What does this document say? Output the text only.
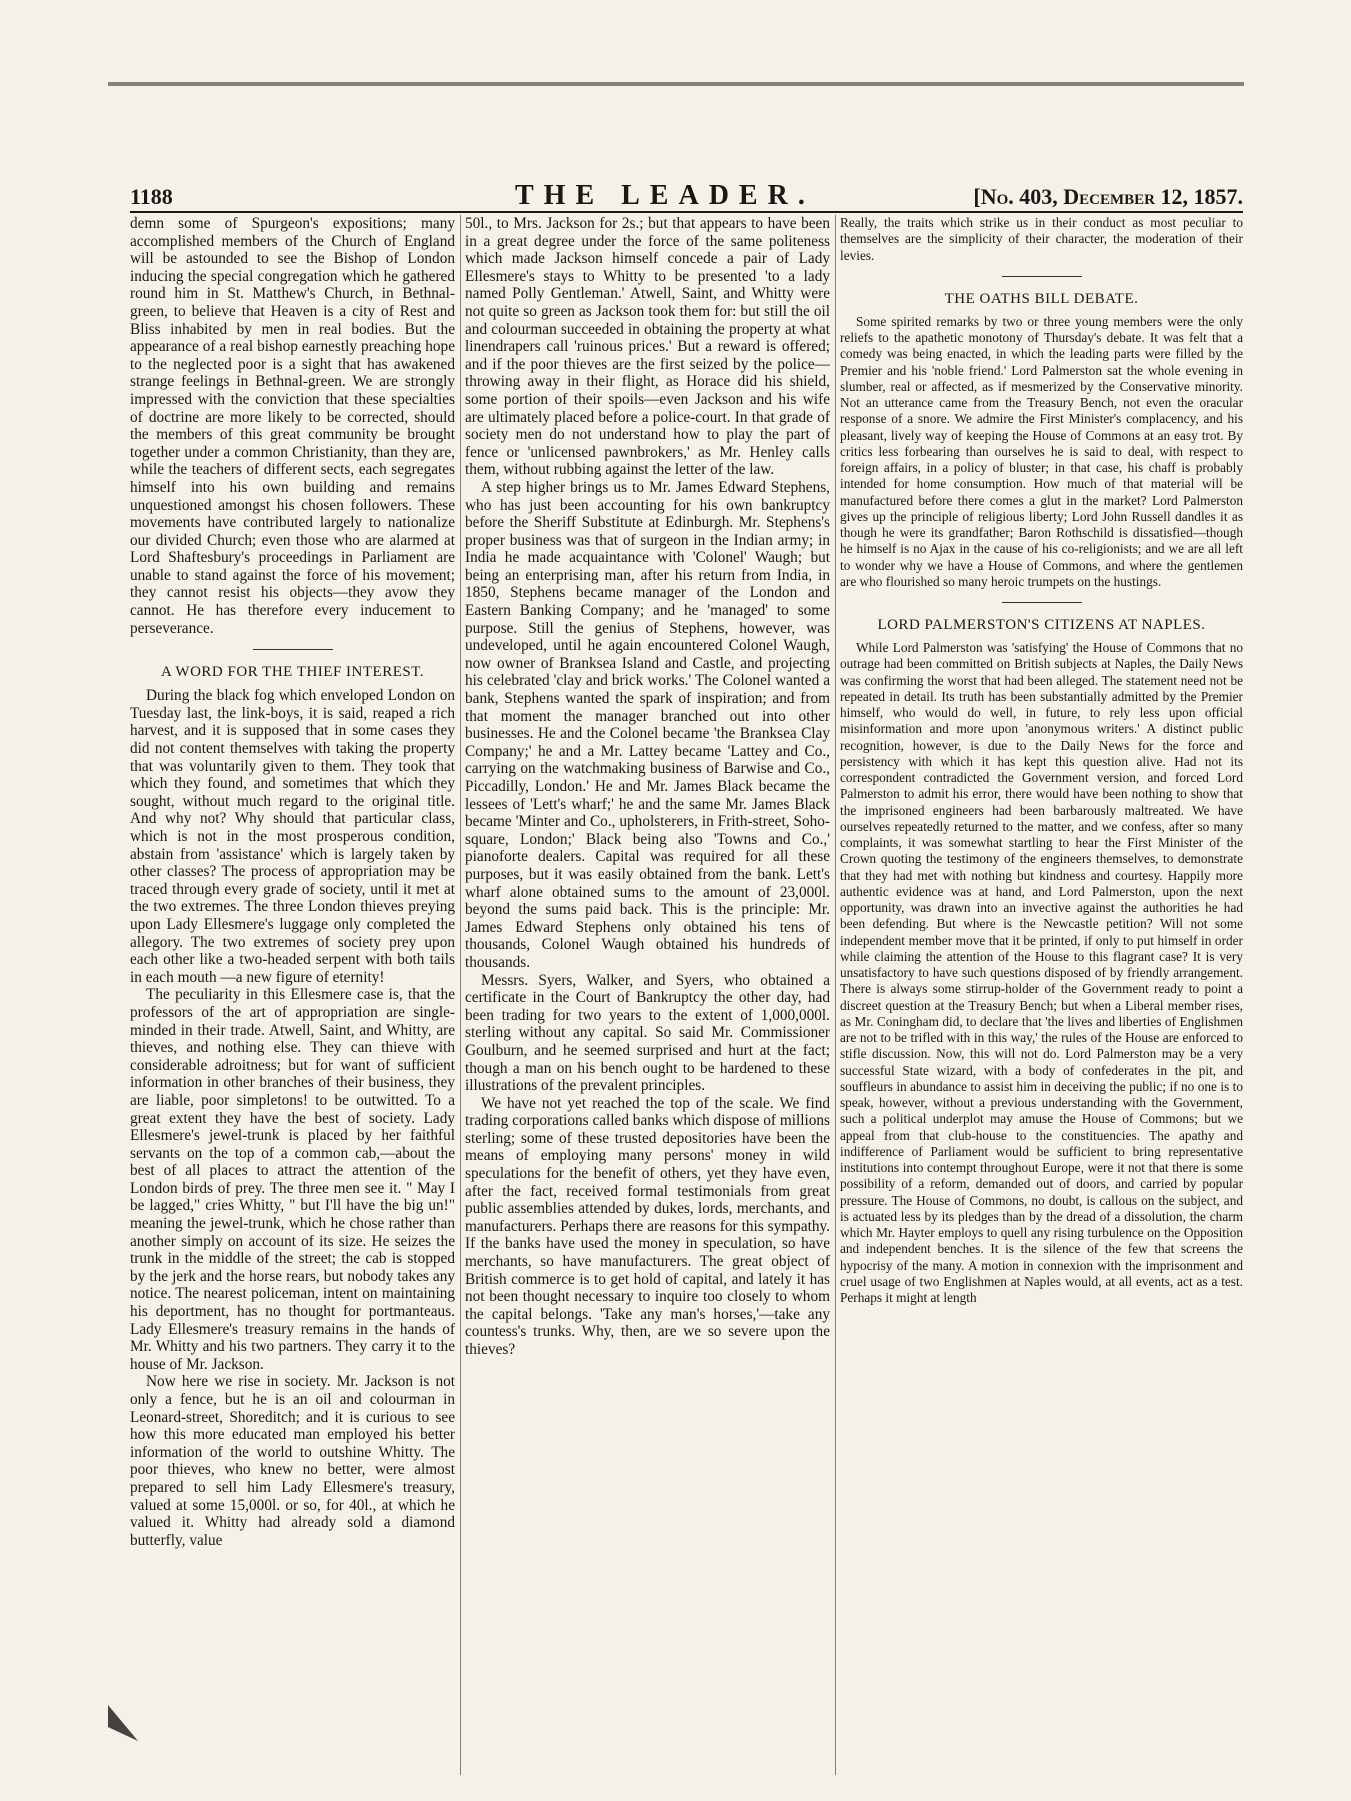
1188	THE LEADER.	[No. 403, December 12, 1857.

demn some of Spurgeon's expositions; many accomplished members of the Church of England will be astounded to see the Bishop of London inducing the special congregation which he gathered round him in St. Matthew's Church, in Bethnal-green, to believe that Heaven is a city of Rest and Bliss inhabited by men in real bodies. But the appearance of a real bishop earnestly preaching hope to the neglected poor is a sight that has awakened strange feelings in Bethnal-green. We are strongly impressed with the conviction that these specialties of doctrine are more likely to be corrected, should the members of this great community be brought together under a common Christianity, than they are, while the teachers of different sects, each segregates himself into his own building and remains unquestioned amongst his chosen followers. These movements have contributed largely to nationalize our divided Church; even those who are alarmed at Lord Shaftesbury's proceedings in Parliament are unable to stand against the force of his movement; they cannot resist his objects—they avow they cannot. He has therefore every inducement to perseverance.

A WORD FOR THE THIEF INTEREST.

During the black fog which enveloped London on Tuesday last, the link-boys, it is said, reaped a rich harvest, and it is supposed that in some cases they did not content themselves with taking the property that was voluntarily given to them. They took that which they found, and sometimes that which they sought, without much regard to the original title. And why not? Why should that particular class, which is not in the most prosperous condition, abstain from 'assistance' which is largely taken by other classes? The process of appropriation may be traced through every grade of society, until it met at the two extremes. The three London thieves preying upon Lady Ellesmere's luggage only completed the allegory. The two extremes of society prey upon each other like a two-headed serpent with both tails in each mouth —a new figure of eternity!

The peculiarity in this Ellesmere case is, that the professors of the art of appropriation are single-minded in their trade. Atwell, Saint, and Whitty, are thieves, and nothing else. They can thieve with considerable adroitness; but for want of sufficient information in other branches of their business, they are liable, poor simpletons! to be outwitted. To a great extent they have the best of society. Lady Ellesmere's jewel-trunk is placed by her faithful servants on the top of a common cab,—about the best of all places to attract the attention of the London birds of prey. The three men see it. " May I be lagged," cries Whitty, " but I'll have the big un!" meaning the jewel-trunk, which he chose rather than another simply on account of its size. He seizes the trunk in the middle of the street; the cab is stopped by the jerk and the horse rears, but nobody takes any notice. The nearest policeman, intent on maintaining his deportment, has no thought for portmanteaus. Lady Ellesmere's treasury remains in the hands of Mr. Whitty and his two partners. They carry it to the house of Mr. Jackson.

Now here we rise in society. Mr. Jackson is not only a fence, but he is an oil and colourman in Leonard-street, Shoreditch; and it is curious to see how this more educated man employed his better information of the world to outshine Whitty. The poor thieves, who knew no better, were almost prepared to sell him Lady Ellesmere's treasury, valued at some 15,000l. or so, for 40l., at which he valued it. Whitty had already sold a diamond butterfly, value

50l., to Mrs. Jackson for 2s.; but that appears to have been in a great degree under the force of the same politeness which made Jackson himself concede a pair of Lady Ellesmere's stays to Whitty to be presented 'to a lady named Polly Gentleman.' Atwell, Saint, and Whitty were not quite so green as Jackson took them for: but still the oil and colourman succeeded in obtaining the property at what linendrapers call 'ruinous prices.' But a reward is offered; and if the poor thieves are the first seized by the police—throwing away in their flight, as Horace did his shield, some portion of their spoils—even Jackson and his wife are ultimately placed before a police-court. In that grade of society men do not understand how to play the part of fence or 'unlicensed pawnbrokers,' as Mr. Henley calls them, without rubbing against the letter of the law.

A step higher brings us to Mr. James Edward Stephens, who has just been accounting for his own bankruptcy before the Sheriff Substitute at Edinburgh. Mr. Stephens's proper business was that of surgeon in the Indian army; in India he made acquaintance with 'Colonel' Waugh; but being an enterprising man, after his return from India, in 1850, Stephens became manager of the London and Eastern Banking Company; and he 'managed' to some purpose. Still the genius of Stephens, however, was undeveloped, until he again encountered Colonel Waugh, now owner of Branksea Island and Castle, and projecting his celebrated 'clay and brick works.' The Colonel wanted a bank, Stephens wanted the spark of inspiration; and from that moment the manager branched out into other businesses. He and the Colonel became 'the Branksea Clay Company;' he and a Mr. Lattey became 'Lattey and Co., carrying on the watchmaking business of Barwise and Co., Piccadilly, London.' He and Mr. James Black became the lessees of 'Lett's wharf;' he and the same Mr. James Black became 'Minter and Co., upholsterers, in Frith-street, Soho-square, London;' Black being also 'Towns and Co.,' pianoforte dealers. Capital was required for all these purposes, but it was easily obtained from the bank. Lett's wharf alone obtained sums to the amount of 23,000l. beyond the sums paid back. This is the principle: Mr. James Edward Stephens only obtained his tens of thousands, Colonel Waugh obtained his hundreds of thousands.

Messrs. Syers, Walker, and Syers, who obtained a certificate in the Court of Bankruptcy the other day, had been trading for two years to the extent of 1,000,000l. sterling without any capital. So said Mr. Commissioner Goulburn, and he seemed surprised and hurt at the fact; though a man on his bench ought to be hardened to these illustrations of the prevalent principles.

We have not yet reached the top of the scale. We find trading corporations called banks which dispose of millions sterling; some of these trusted depositories have been the means of employing many persons' money in wild speculations for the benefit of others, yet they have even, after the fact, received formal testimonials from great public assemblies attended by dukes, lords, merchants, and manufacturers. Perhaps there are reasons for this sympathy. If the banks have used the money in speculation, so have merchants, so have manufacturers. The great object of British commerce is to get hold of capital, and lately it has not been thought necessary to inquire too closely to whom the capital belongs. 'Take any man's horses,'—take any countess's trunks. Why, then, are we so severe upon the thieves?

Really, the traits which strike us in their conduct as most peculiar to themselves are the simplicity of their character, the moderation of their levies.

THE OATHS BILL DEBATE.

Some spirited remarks by two or three young members were the only reliefs to the apathetic monotony of Thursday's debate. It was felt that a comedy was being enacted, in which the leading parts were filled by the Premier and his 'noble friend.' Lord Palmerston sat the whole evening in slumber, real or affected, as if mesmerized by the Conservative minority. Not an utterance came from the Treasury Bench, not even the oracular response of a snore. We admire the First Minister's complacency, and his pleasant, lively way of keeping the House of Commons at an easy trot. By critics less forbearing than ourselves he is said to deal, with respect to foreign affairs, in a policy of bluster; in that case, his chaff is probably intended for home consumption. How much of that material will be manufactured before there comes a glut in the market? Lord Palmerston gives up the principle of religious liberty; Lord John Russell dandles it as though he were its grandfather; Baron Rothschild is dissatisfied—though he himself is no Ajax in the cause of his co-religionists; and we are all left to wonder why we have a House of Commons, and where the gentlemen are who flourished so many heroic trumpets on the hustings.

LORD PALMERSTON'S CITIZENS AT NAPLES.

While Lord Palmerston was 'satisfying' the House of Commons that no outrage had been committed on British subjects at Naples, the Daily News was confirming the worst that had been alleged. The statement need not be repeated in detail. Its truth has been substantially admitted by the Premier himself, who would do well, in future, to rely less upon official misinformation and more upon 'anonymous writers.' A distinct public recognition, however, is due to the Daily News for the force and persistency with which it has kept this question alive. Had not its correspondent contradicted the Government version, and forced Lord Palmerston to admit his error, there would have been nothing to show that the imprisoned engineers had been barbarously maltreated. We have ourselves repeatedly returned to the matter, and we confess, after so many complaints, it was somewhat startling to hear the First Minister of the Crown quoting the testimony of the engineers themselves, to demonstrate that they had met with nothing but kindness and courtesy. Happily more authentic evidence was at hand, and Lord Palmerston, upon the next opportunity, was drawn into an invective against the authorities he had been defending. But where is the Newcastle petition? Will not some independent member move that it be printed, if only to put himself in order while claiming the attention of the House to this flagrant case? It is very unsatisfactory to have such questions disposed of by friendly arrangement. There is always some stirrup-holder of the Government ready to point a discreet question at the Treasury Bench; but when a Liberal member rises, as Mr. Coningham did, to declare that 'the lives and liberties of Englishmen are not to be trifled with in this way,' the rules of the House are enforced to stifle discussion. Now, this will not do. Lord Palmerston may be a very successful State wizard, with a body of confederates in the pit, and souffleurs in abundance to assist him in deceiving the public; if no one is to speak, however, without a previous understanding with the Government, such a political underplot may amuse the House of Commons; but we appeal from that club-house to the constituencies. The apathy and indifference of Parliament would be sufficient to bring representative institutions into contempt throughout Europe, were it not that there is some possibility of a reform, demanded out of doors, and carried by popular pressure. The House of Commons, no doubt, is callous on the subject, and is actuated less by its pledges than by the dread of a dissolution, the charm which Mr. Hayter employs to quell any rising turbulence on the Opposition and independent benches. It is the silence of the few that screens the hypocrisy of the many. A motion in connexion with the imprisonment and cruel usage of two Englishmen at Naples would, at all events, act as a test. Perhaps it might at length
